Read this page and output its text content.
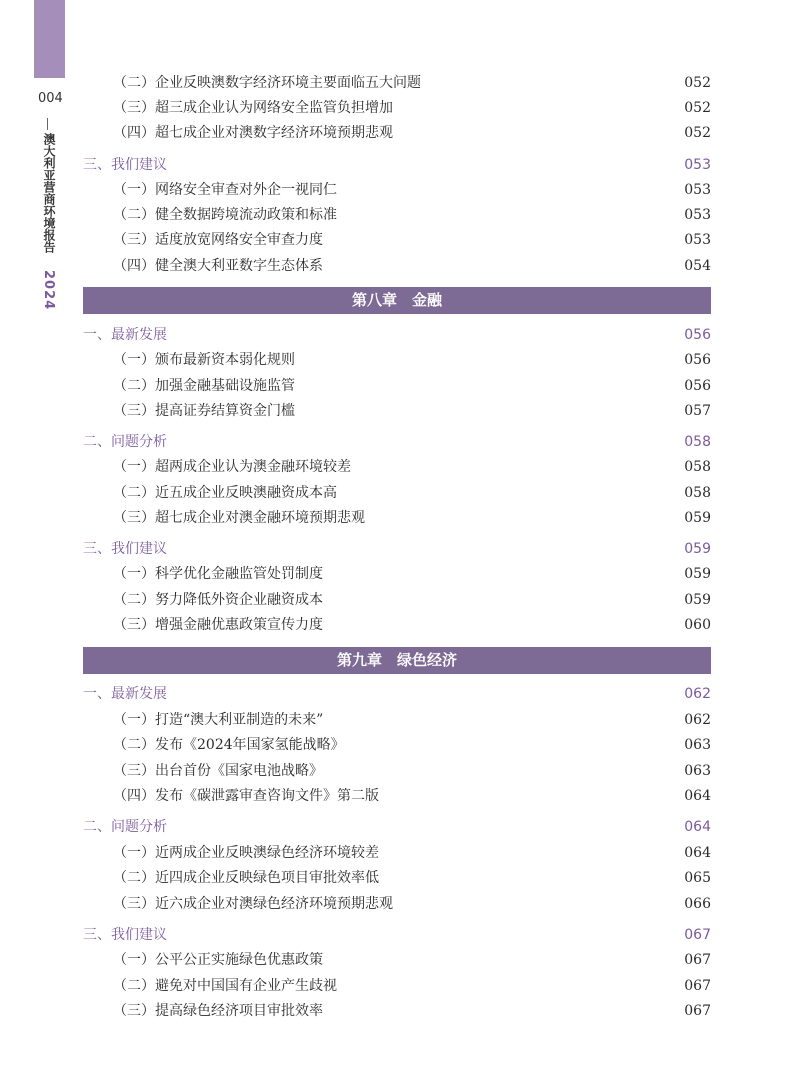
004
澳大利亚营商环境报告
2024
（二）企业反映澳数字经济环境主要面临五大问题	052
（三）超三成企业认为网络安全监管负担增加	052
（四）超七成企业对澳数字经济环境预期悲观	052
三、我们建议	053
（一）网络安全审查对外企一视同仁	053
（二）健全数据跨境流动政策和标准	053
（三）适度放宽网络安全审查力度	053
（四）健全澳大利亚数字生态体系	054
第八章　金融
一、最新发展	056
（一）颁布最新资本弱化规则	056
（二）加强金融基础设施监管	056
（三）提高证券结算资金门槛	057
二、问题分析	058
（一）超两成企业认为澳金融环境较差	058
（二）近五成企业反映澳融资成本高	058
（三）超七成企业对澳金融环境预期悲观	059
三、我们建议	059
（一）科学优化金融监管处罚制度	059
（二）努力降低外资企业融资成本	059
（三）增强金融优惠政策宣传力度	060
第九章　绿色经济
一、最新发展	062
（一）打造“澳大利亚制造的未来”	062
（二）发布《2024年国家氢能战略》	063
（三）出台首份《国家电池战略》	063
（四）发布《碳泄露审查咨询文件》第二版	064
二、问题分析	064
（一）近两成企业反映澳绿色经济环境较差	064
（二）近四成企业反映绿色项目审批效率低	065
（三）近六成企业对澳绿色经济环境预期悲观	066
三、我们建议	067
（一）公平公正实施绿色优惠政策	067
（二）避免对中国国有企业产生歧视	067
（三）提高绿色经济项目审批效率	067
